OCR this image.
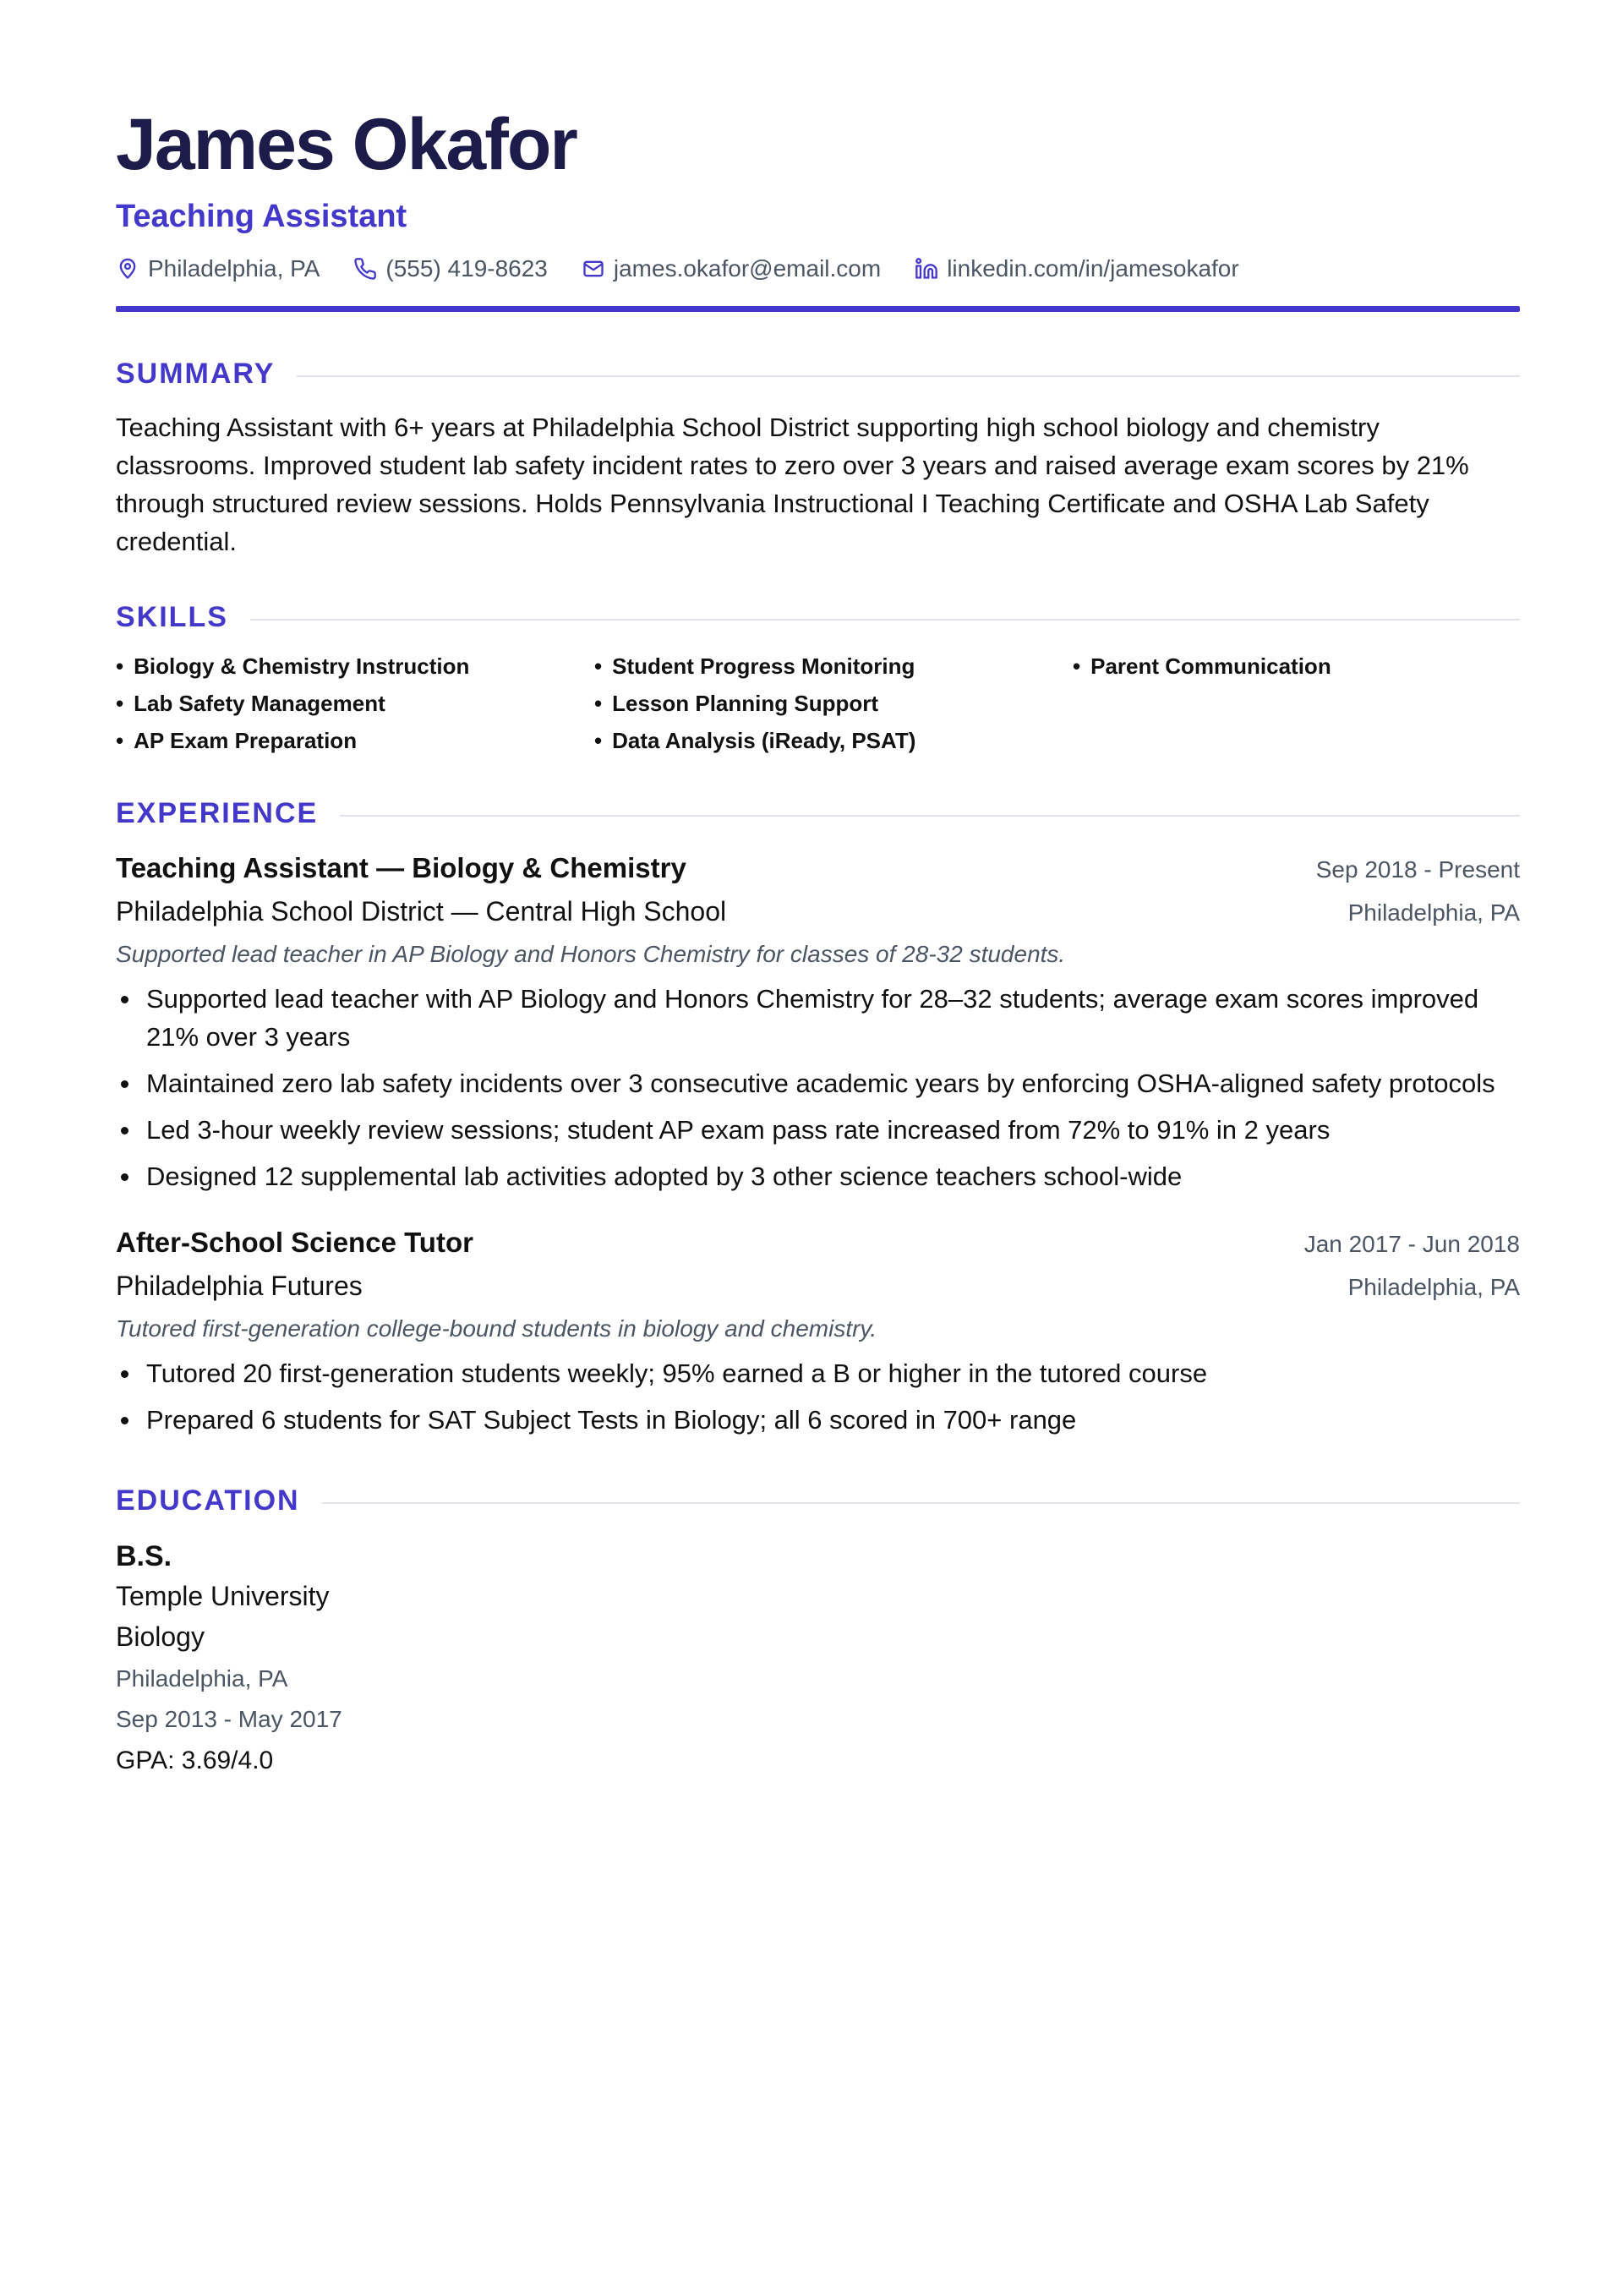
James Okafor
Teaching Assistant
Philadelphia, PA	(555) 419-8623	james.okafor@email.com	linkedin.com/in/jamesokafor
SUMMARY
Teaching Assistant with 6+ years at Philadelphia School District supporting high school biology and chemistry classrooms. Improved student lab safety incident rates to zero over 3 years and raised average exam scores by 21% through structured review sessions. Holds Pennsylvania Instructional I Teaching Certificate and OSHA Lab Safety credential.
SKILLS
• Biology & Chemistry Instruction	• Student Progress Monitoring	• Parent Communication
• Lab Safety Management	• Lesson Planning Support
• AP Exam Preparation	• Data Analysis (iReady, PSAT)
EXPERIENCE
Teaching Assistant — Biology & Chemistry	Sep 2018 - Present
Philadelphia School District — Central High School	Philadelphia, PA
Supported lead teacher in AP Biology and Honors Chemistry for classes of 28-32 students.
Supported lead teacher with AP Biology and Honors Chemistry for 28–32 students; average exam scores improved 21% over 3 years
Maintained zero lab safety incidents over 3 consecutive academic years by enforcing OSHA-aligned safety protocols
Led 3-hour weekly review sessions; student AP exam pass rate increased from 72% to 91% in 2 years
Designed 12 supplemental lab activities adopted by 3 other science teachers school-wide
After-School Science Tutor	Jan 2017 - Jun 2018
Philadelphia Futures	Philadelphia, PA
Tutored first-generation college-bound students in biology and chemistry.
Tutored 20 first-generation students weekly; 95% earned a B or higher in the tutored course
Prepared 6 students for SAT Subject Tests in Biology; all 6 scored in 700+ range
EDUCATION
B.S.
Temple University
Biology
Philadelphia, PA
Sep 2013 - May 2017
GPA: 3.69/4.0
